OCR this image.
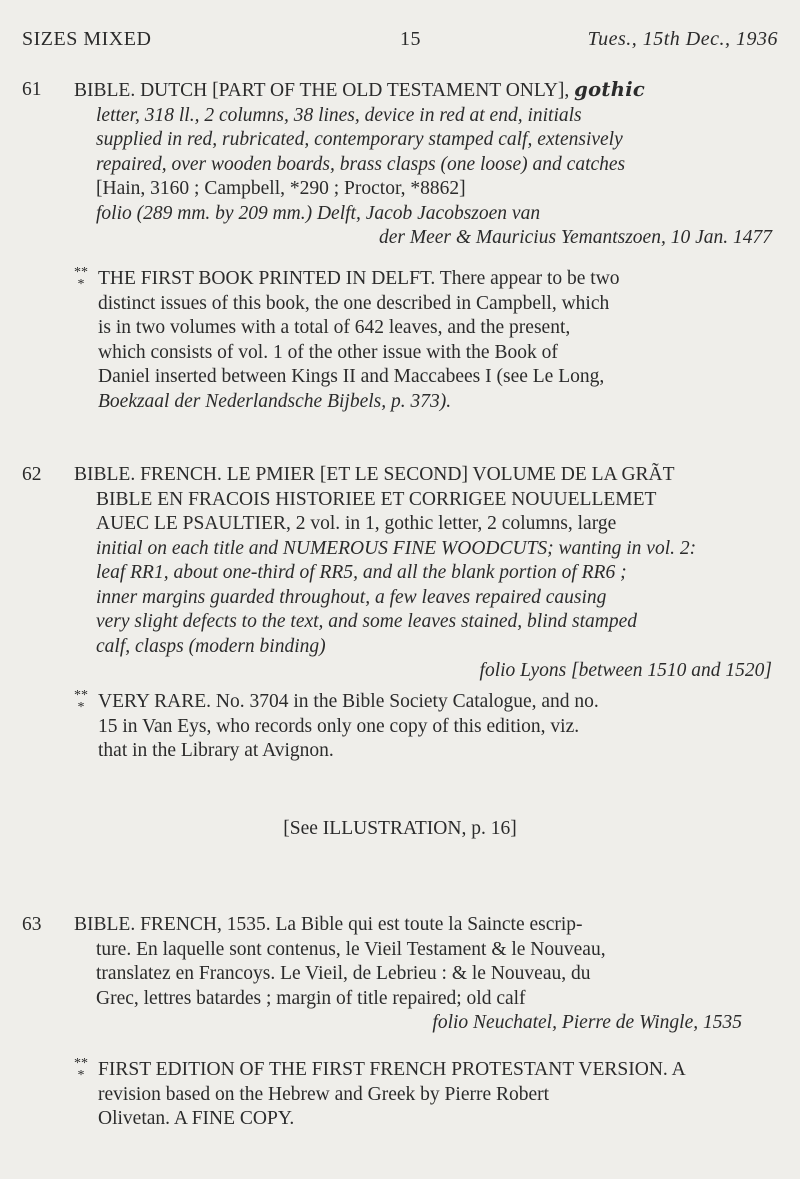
SIZES MIXED	15	Tues., 15th Dec., 1936
61 BIBLE. DUTCH [PART OF THE OLD TESTAMENT ONLY], gothic
letter, 318 ll., 2 columns, 38 lines, device in red at end, initials
supplied in red, rubricated, contemporary stamped calf, extensively
repaired, over wooden boards, brass clasps (one loose) and catches
[Hain, 3160 ; Campbell, *290 ; Proctor, *8862]
folio (289 mm. by 209 mm.) Delft, Jacob Jacobszoen van
der Meer & Mauricius Yemantszoen, 10 Jan. 1477
**
* THE FIRST BOOK PRINTED IN DELFT. There appear to be two
distinct issues of this book, the one described in Campbell, which
is in two volumes with a total of 642 leaves, and the present,
which consists of vol. 1 of the other issue with the Book of
Daniel inserted between Kings II and Maccabees I (see Le Long,
Boekzaal der Nederlandsche Bijbels, p. 373).
62 BIBLE. FRENCH. LE PMIER [ET LE SECOND] VOLUME DE LA GRÃT
BIBLE EN FRACOIS HISTORIEE ET CORRIGEE NOUUELLEMET
AUEC LE PSAULTIER, 2 vol. in 1, gothic letter, 2 columns, large
initial on each title and NUMEROUS FINE WOODCUTS; wanting in vol. 2:
leaf RR1, about one-third of RR5, and all the blank portion of RR6 ;
inner margins guarded throughout, a few leaves repaired causing
very slight defects to the text, and some leaves stained, blind stamped
calf, clasps (modern binding)
folio Lyons [between 1510 and 1520]
**
* VERY RARE. No. 3704 in the Bible Society Catalogue, and no.
15 in Van Eys, who records only one copy of this edition, viz.
that in the Library at Avignon.
[See ILLUSTRATION, p. 16]
63 BIBLE. FRENCH, 1535. La Bible qui est toute la Saincte escrip-
ture. En laquelle sont contenus, le Vieil Testament & le Nouveau,
translatez en Francoys. Le Vieil, de Lebrieu : & le Nouveau, du
Grec, lettres batardes ; margin of title repaired; old calf
folio Neuchatel, Pierre de Wingle, 1535
**
* FIRST EDITION OF THE FIRST FRENCH PROTESTANT VERSION. A
revision based on the Hebrew and Greek by Pierre Robert
Olivetan. A FINE COPY.
